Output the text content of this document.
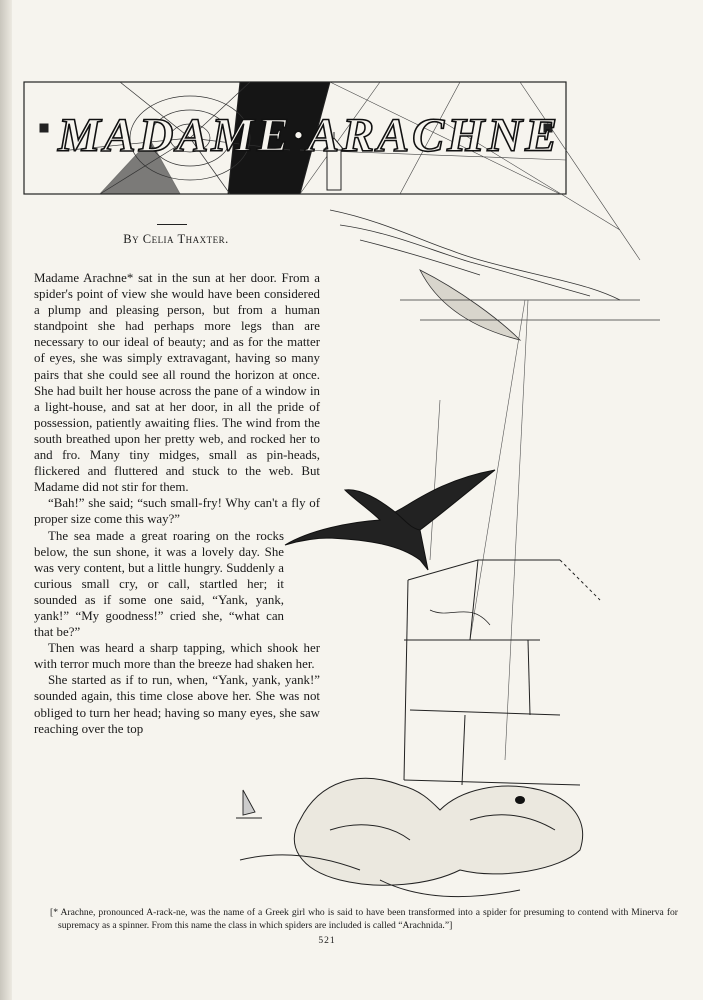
MADAME·ARACHNE
By Celia Thaxter.

Madame Arachne* sat in the sun at her door. From a spider's point of view she would have been considered a plump and pleasing person, but from a human standpoint she had perhaps more legs than are necessary to our ideal of beauty; and as for the matter of eyes, she was simply extravagant, having so many pairs that she could see all round the horizon at once. She had built her house across the pane of a window in a light-house, and sat at her door, in all the pride of possession, patiently awaiting flies. The wind from the south breathed upon her pretty web, and rocked her to and fro. Many tiny midges, small as pin-heads, flickered and fluttered and stuck to the web. But Madame did not stir for them.

“Bah!” she said; “such small-fry! Why can't a fly of proper size come this way?”

The sea made a great roaring on the rocks below, the sun shone, it was a lovely day. She was very content, but a little hungry. Suddenly a curious small cry, or call, startled her; it sounded as if some one said, “Yank, yank, yank!” “My goodness!” cried she, “what can that be?”

Then was heard a sharp tapping, which shook her with terror much more than the breeze had shaken her.

She started as if to run, when, “Yank, yank, yank!” sounded again, this time close above her. She was not obliged to turn her head; having so many eyes, she saw reaching over the top

[* Arachne, pronounced A-rack-ne, was the name of a Greek girl who is said to have been transformed into a spider for presuming to contend with Minerva for supremacy as a spinner. From this name the class in which spiders are included is called “Arachnida.”]
521
